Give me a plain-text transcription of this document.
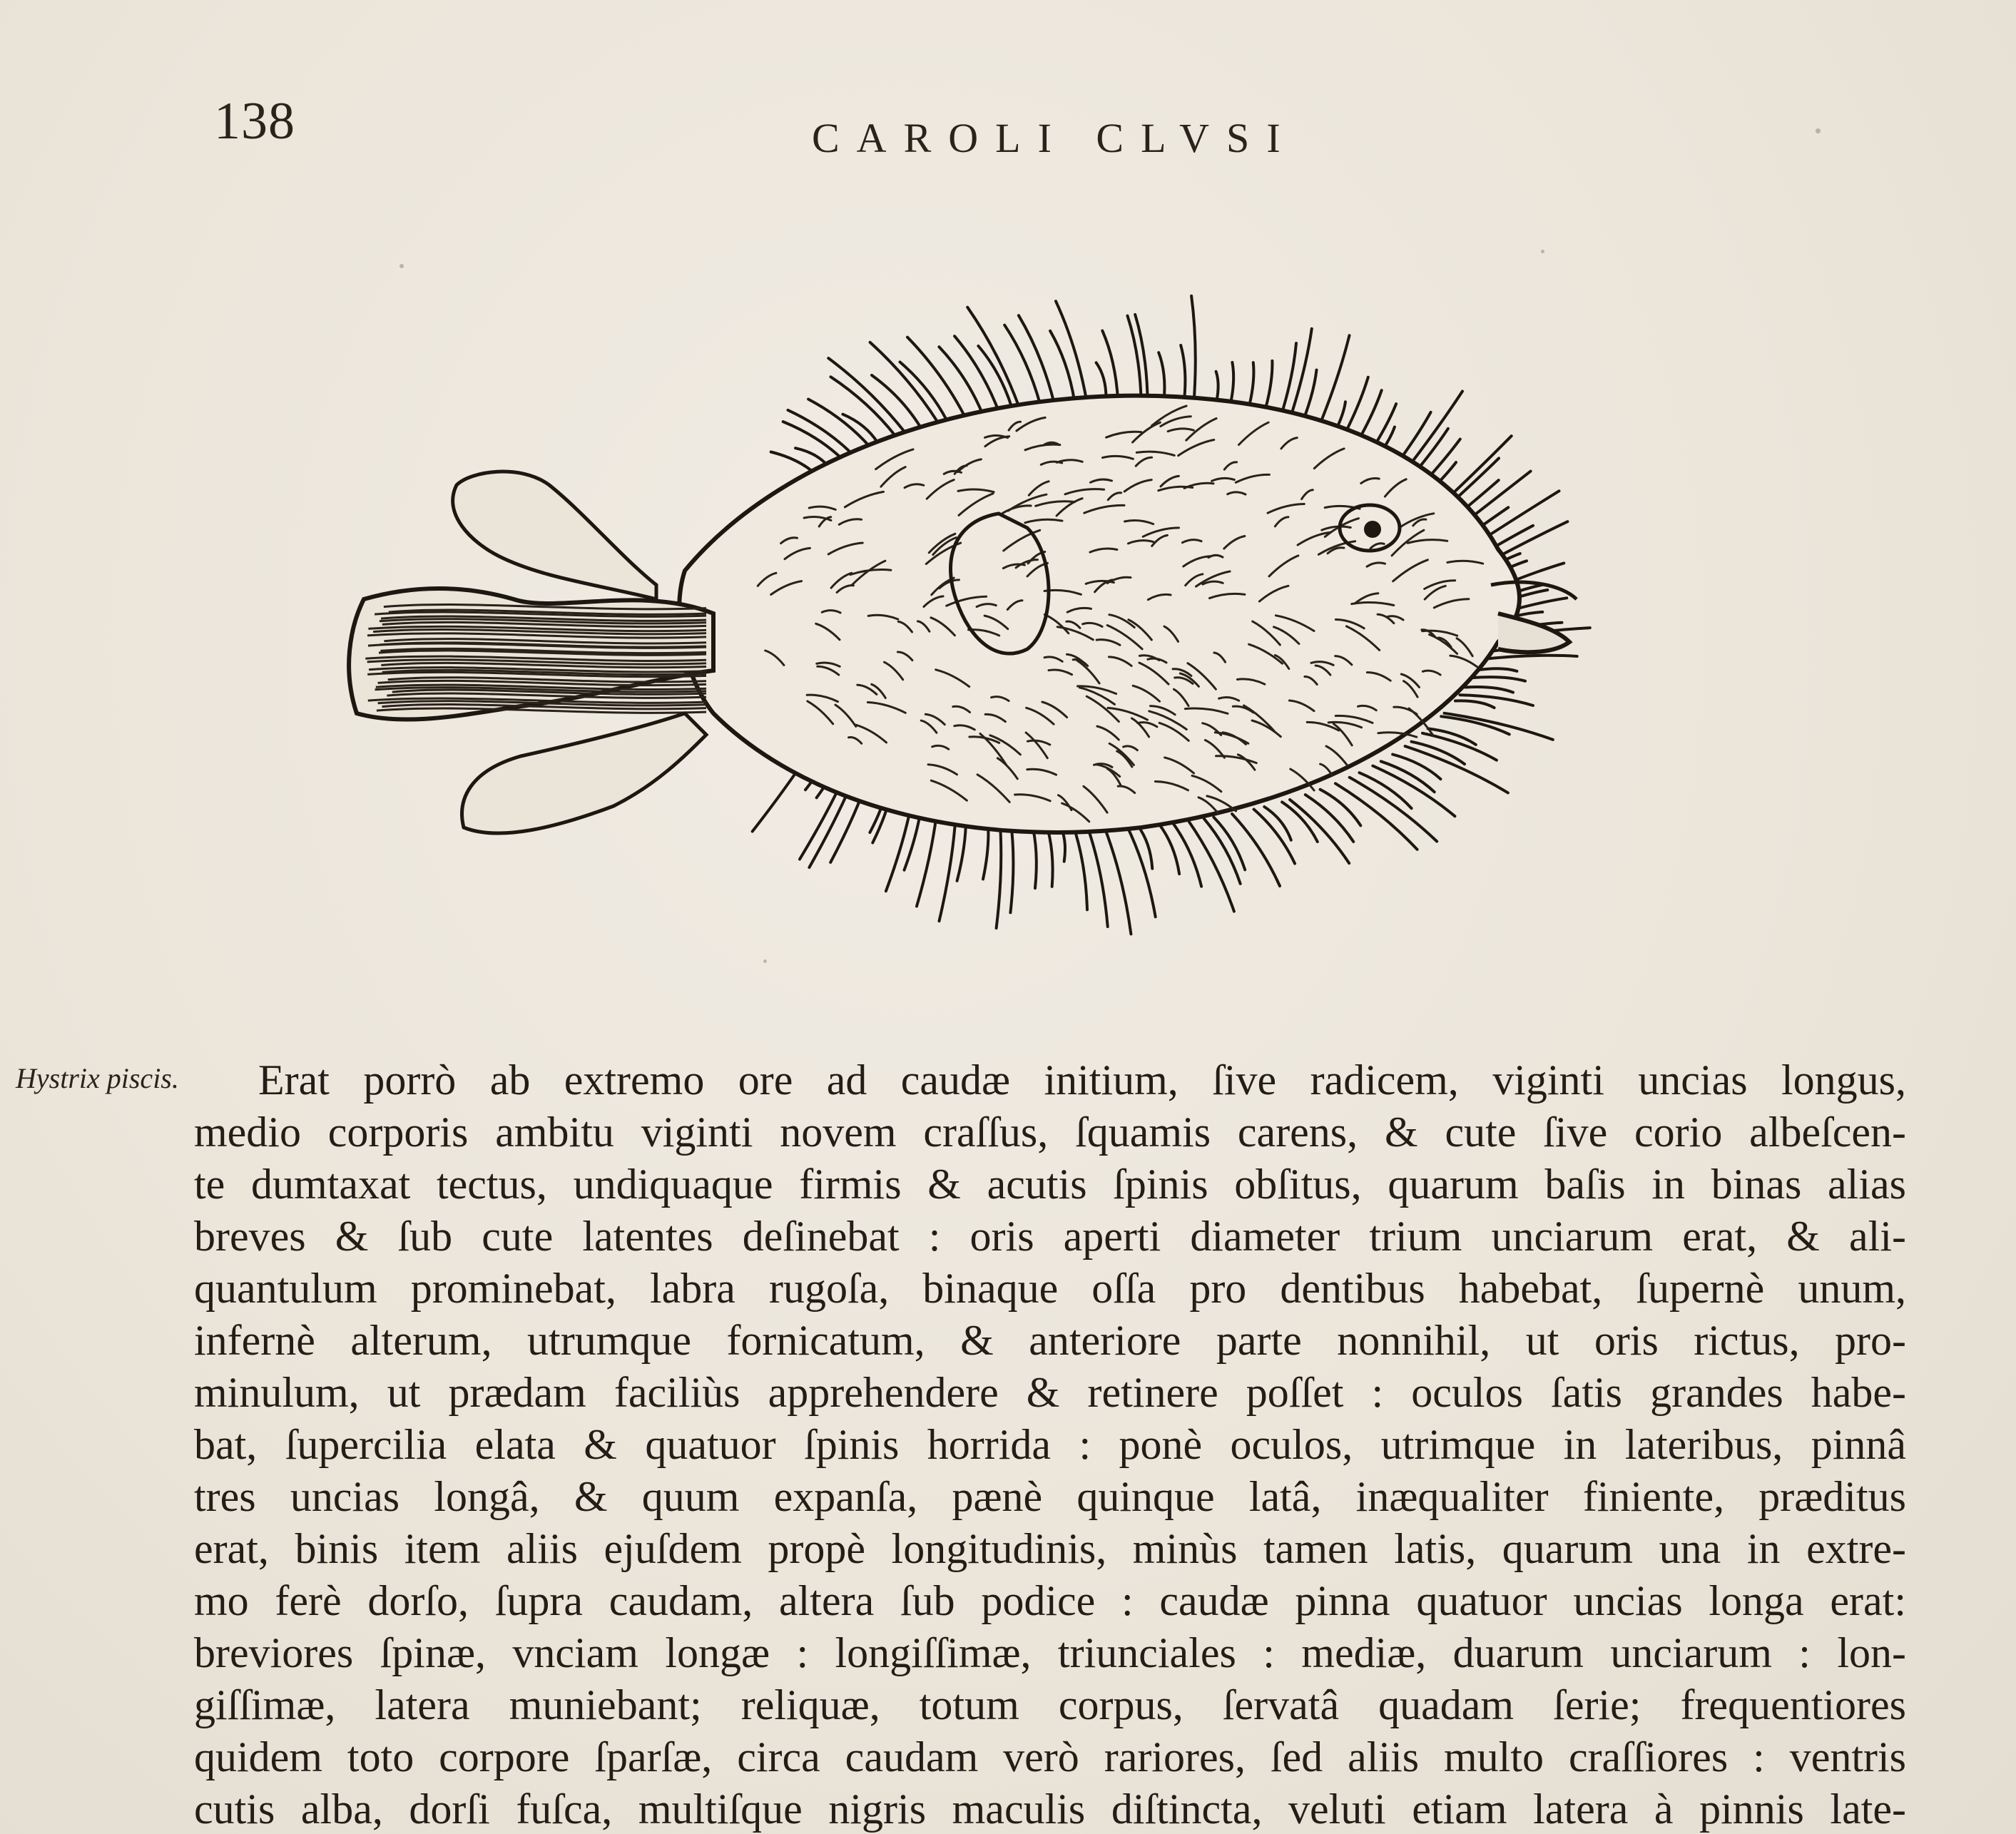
138	CAROLI CLVSI
Hystrix piscis.	Erat porrò ab extremo ore ad caudæ initium, ſive radicem, viginti uncias longus,
medio corporis ambitu viginti novem craſſus, ſquamis carens, & cute ſive corio albeſcen-
te dumtaxat tectus, undiquaque firmis & acutis ſpinis obſitus, quarum baſis in binas alias
breves & ſub cute latentes deſinebat : oris aperti diameter trium unciarum erat, & ali-
quantulum prominebat, labra rugoſa, binaque oſſa pro dentibus habebat, ſupernè unum,
infernè alterum, utrumque fornicatum, & anteriore parte nonnihil, ut oris rictus, pro-
minulum, ut prædam faciliùs apprehendere & retinere poſſet : oculos ſatis grandes habe-
bat, ſupercilia elata & quatuor ſpinis horrida : ponè oculos, utrimque in lateribus, pinnâ
tres uncias longâ, & quum expanſa, pænè quinque latâ, inæqualiter finiente, præditus
erat, binis item aliis ejuſdem propè longitudinis, minùs tamen latis, quarum una in extre-
mo ferè dorſo, ſupra caudam, altera ſub podice : caudæ pinna quatuor uncias longa erat:
breviores ſpinæ, vnciam longæ : longiſſimæ, triunciales : mediæ, duarum unciarum : lon-
giſſimæ, latera muniebant; reliquæ, totum corpus, ſervatâ quadam ſerie; frequentiores
quidem toto corpore ſparſæ, circa caudam verò rariores, ſed aliis multo craſſiores : ventris
cutis alba, dorſi fuſca, multiſque nigris maculis diſtincta, veluti etiam latera à pinnis late-
